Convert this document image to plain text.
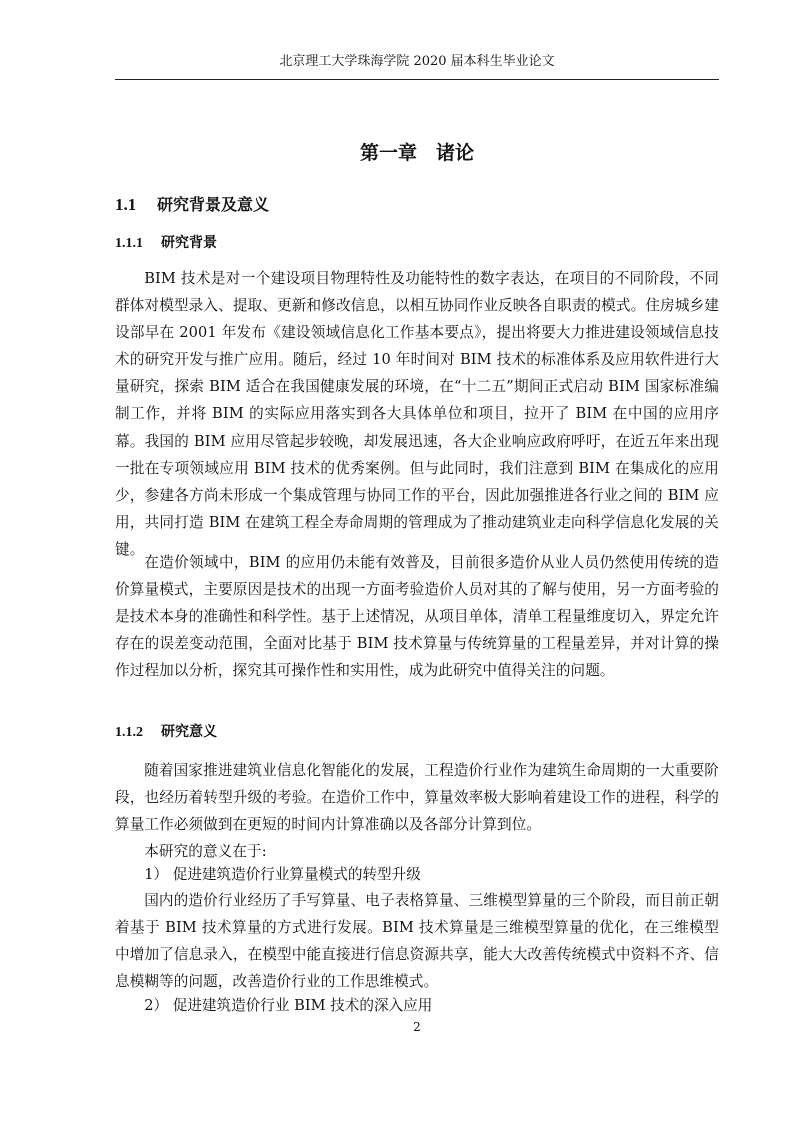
北京理工大学珠海学院 2020 届本科生毕业论文
第一章　诸论
1.1 研究背景及意义
1.1.1 研究背景

BIM 技术是对一个建设项目物理特性及功能特性的数字表达，在项目的不同阶段，不同群体对模型录入、提取、更新和修改信息，以相互协同作业反映各自职责的模式。住房城乡建设部早在 2001 年发布《建设领域信息化工作基本要点》，提出将要大力推进建设领域信息技术的研究开发与推广应用。随后，经过 10 年时间对 BIM 技术的标准体系及应用软件进行大量研究，探索 BIM 适合在我国健康发展的环境，在“十二五”期间正式启动 BIM 国家标准编制工作，并将 BIM 的实际应用落实到各大具体单位和项目，拉开了 BIM 在中国的应用序幕。我国的 BIM 应用尽管起步较晚，却发展迅速，各大企业响应政府呼吁，在近五年来出现一批在专项领域应用 BIM 技术的优秀案例。但与此同时，我们注意到 BIM 在集成化的应用少，参建各方尚未形成一个集成管理与协同工作的平台，因此加强推进各行业之间的 BIM 应用，共同打造 BIM 在建筑工程全寿命周期的管理成为了推动建筑业走向科学信息化发展的关键。

在造价领域中，BIM 的应用仍未能有效普及，目前很多造价从业人员仍然使用传统的造价算量模式，主要原因是技术的出现一方面考验造价人员对其的了解与使用，另一方面考验的是技术本身的准确性和科学性。基于上述情况，从项目单体，清单工程量维度切入，界定允许存在的误差变动范围，全面对比基于 BIM 技术算量与传统算量的工程量差异，并对计算的操作过程加以分析，探究其可操作性和实用性，成为此研究中值得关注的问题。

1.1.2 研究意义

随着国家推进建筑业信息化智能化的发展，工程造价行业作为建筑生命周期的一大重要阶段，也经历着转型升级的考验。在造价工作中，算量效率极大影响着建设工作的进程，科学的算量工作必须做到在更短的时间内计算准确以及各部分计算到位。

本研究的意义在于:

1） 促进建筑造价行业算量模式的转型升级

国内的造价行业经历了手写算量、电子表格算量、三维模型算量的三个阶段，而目前正朝着基于 BIM 技术算量的方式进行发展。BIM 技术算量是三维模型算量的优化，在三维模型中增加了信息录入，在模型中能直接进行信息资源共享，能大大改善传统模式中资料不齐、信息模糊等的问题，改善造价行业的工作思维模式。

2） 促进建筑造价行业 BIM 技术的深入应用

2
